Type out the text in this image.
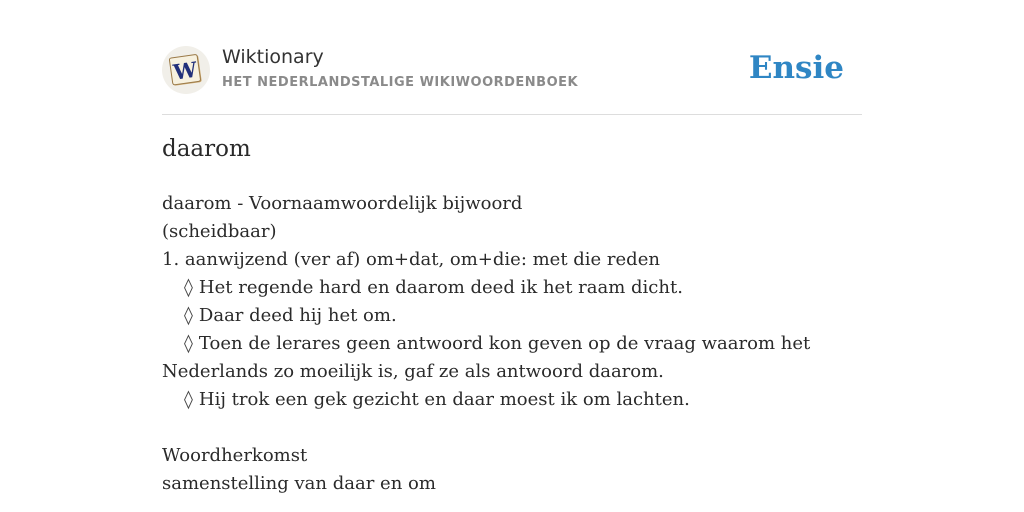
W Wiktionary
HET NEDERLANDSTALIGE WIKIWOORDENBOEK	Ensie
daarom
daarom - Voornaamwoordelijk bijwoord
(scheidbaar)
1. aanwijzend (ver af) om+dat, om+die: met die reden
◊ Het regende hard en daarom deed ik het raam dicht.
◊ Daar deed hij het om.
◊ Toen de lerares geen antwoord kon geven op de vraag waarom het
Nederlands zo moeilijk is, gaf ze als antwoord daarom.
◊ Hij trok een gek gezicht en daar moest ik om lachten.
Woordherkomst
samenstelling van daar en om
